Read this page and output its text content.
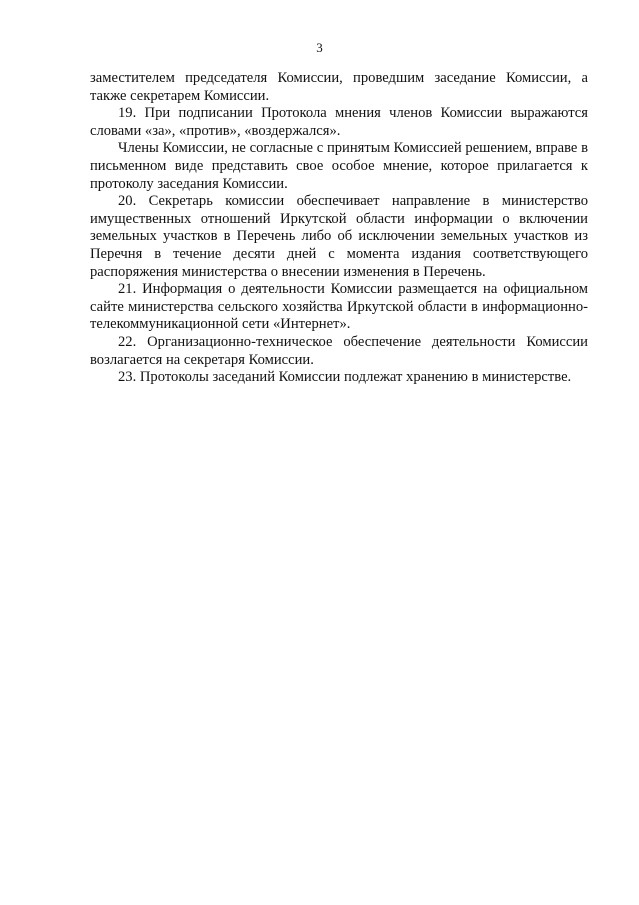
3

заместителем председателя Комиссии, проведшим заседание Комиссии, а также секретарем Комиссии.

19. При подписании Протокола мнения членов Комиссии выражаются словами «за», «против», «воздержался».

Члены Комиссии, не согласные с принятым Комиссией решением, вправе в письменном виде представить свое особое мнение, которое прилагается к протоколу заседания Комиссии.

20. Секретарь комиссии обеспечивает направление в министерство имущественных отношений Иркутской области информации о включении земельных участков в Перечень либо об исключении земельных участков из Перечня в течение десяти дней с момента издания соответствующего распоряжения министерства о внесении изменения в Перечень.

21. Информация о деятельности Комиссии размещается на официальном сайте министерства сельского хозяйства Иркутской области в информационно-телекоммуникационной сети «Интернет».

22. Организационно-техническое обеспечение деятельности Комиссии возлагается на секретаря Комиссии.

23. Протоколы заседаний Комиссии подлежат хранению в министерстве.
